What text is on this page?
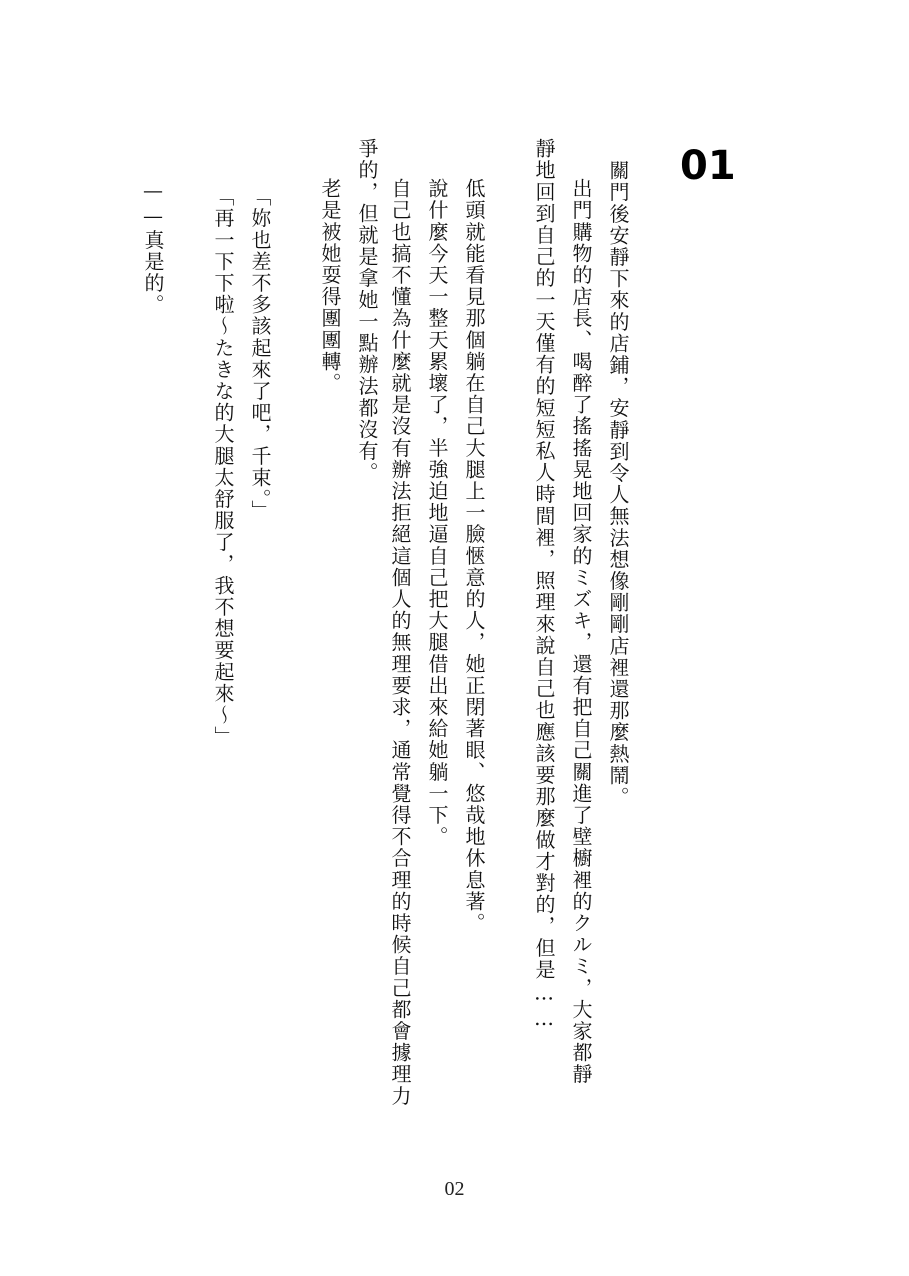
01
關門後安靜下來的店鋪，安靜到令人無法想像剛剛店裡還那麼熱鬧。
出門購物的店長、喝醉了搖搖晃地回家的ミズキ，還有把自己關進了壁櫥裡的クルミ，大家都靜
靜地回到自己的一天僅有的短短私人時間裡，照理來說自己也應該要那麼做才對的，但是……
低頭就能看見那個躺在自己大腿上一臉愜意的人，她正閉著眼、悠哉地休息著。
說什麼今天一整天累壞了，半強迫地逼自己把大腿借出來給她躺一下。
自己也搞不懂為什麼就是沒有辦法拒絕這個人的無理要求，通常覺得不合理的時候自己都會據理力
爭的，但就是拿她一點辦法都沒有。
老是被她耍得團團轉。
「妳也差不多該起來了吧，千束。」
「再一下下啦～たきな的大腿太舒服了，我不想要起來～」
——真是的。
02
